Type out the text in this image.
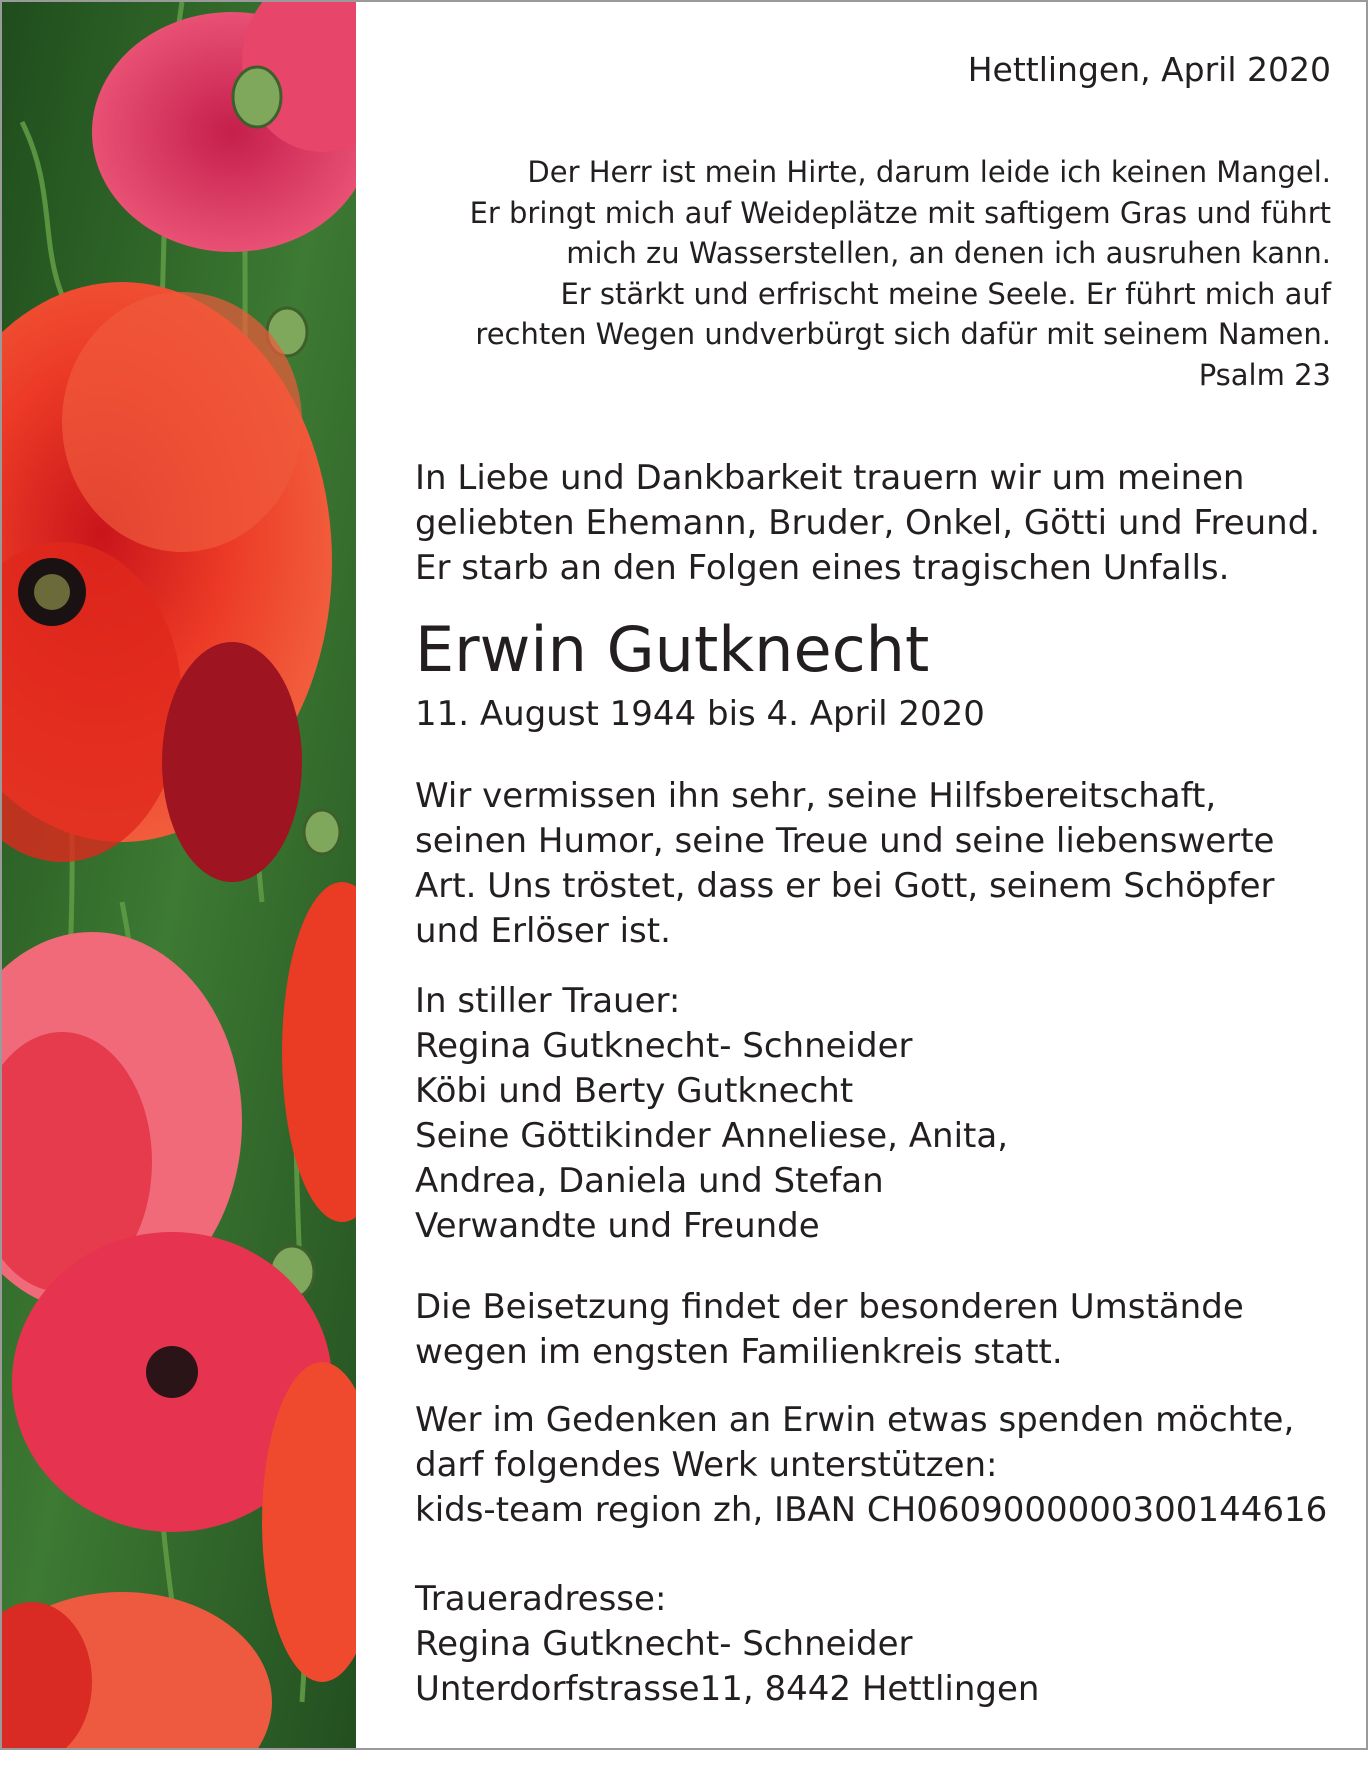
Hettlingen, April 2020
Der Herr ist mein Hirte, darum leide ich keinen Mangel.
Er bringt mich auf Weideplätze mit saftigem Gras und führt
mich zu Wasserstellen, an denen ich ausruhen kann.
Er stärkt und erfrischt meine Seele. Er führt mich auf
rechten Wegen undverbürgt sich dafür mit seinem Namen.
Psalm 23
In Liebe und Dankbarkeit trauern wir um meinen
geliebten Ehemann, Bruder, Onkel, Götti und Freund.
Er starb an den Folgen eines tragischen Unfalls.
Erwin Gutknecht
11. August 1944 bis 4. April 2020
Wir vermissen ihn sehr, seine Hilfsbereitschaft,
seinen Humor, seine Treue und seine liebenswerte
Art. Uns tröstet, dass er bei Gott, seinem Schöpfer
und Erlöser ist.
In stiller Trauer:
Regina Gutknecht- Schneider
Köbi und Berty Gutknecht
Seine Göttikinder Anneliese, Anita,
Andrea, Daniela und Stefan
Verwandte und Freunde
Die Beisetzung findet der besonderen Umstände
wegen im engsten Familienkreis statt.
Wer im Gedenken an Erwin etwas spenden möchte,
darf folgendes Werk unterstützen:
kids-team region zh, IBAN CH0609000000300144616
Traueradresse:
Regina Gutknecht- Schneider
Unterdorfstrasse11, 8442 Hettlingen
